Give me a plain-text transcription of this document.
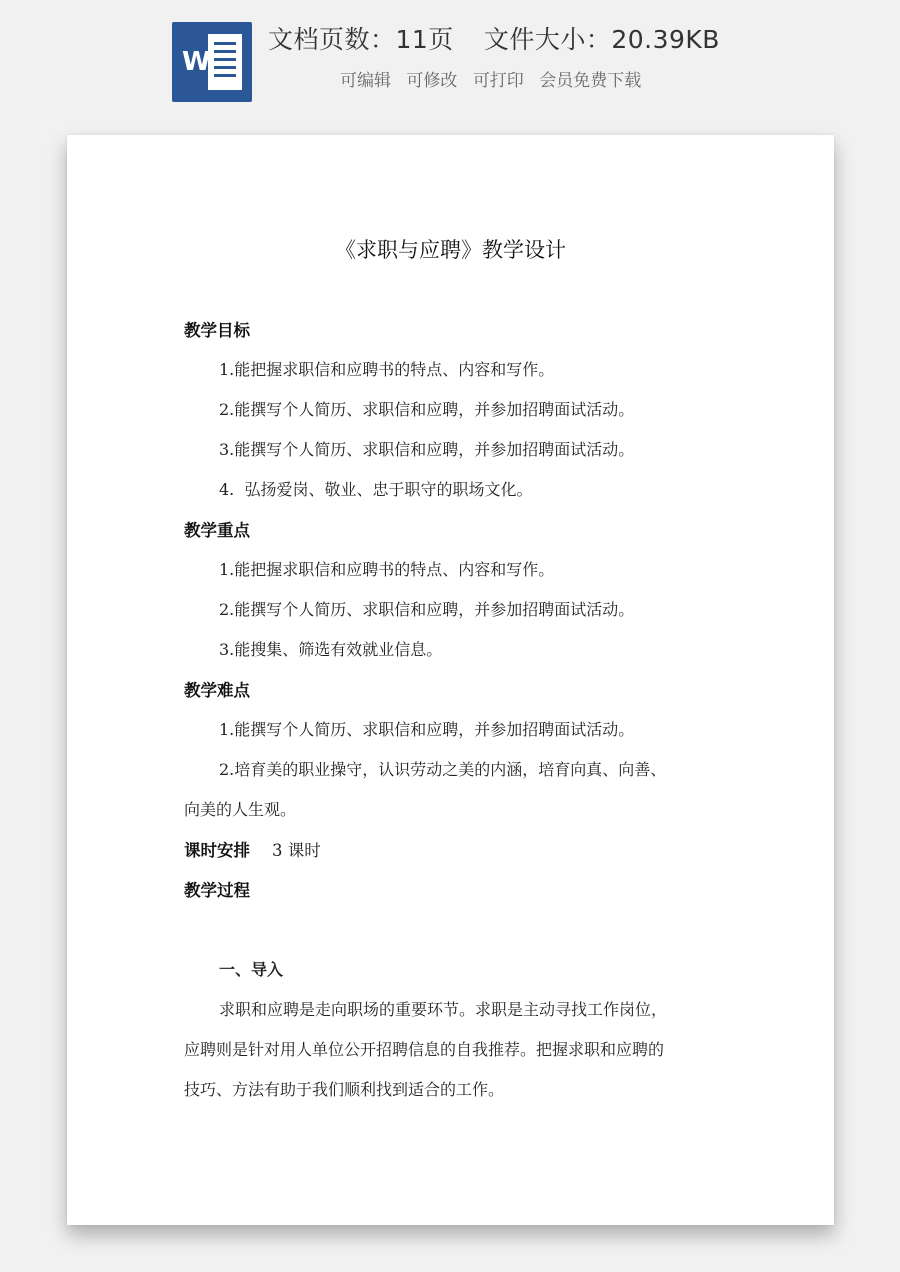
W
文档页数：11页 文件大小：20.39KB
可编辑 可修改 可打印 会员免费下载
《求职与应聘》教学设计
教学目标
1.能把握求职信和应聘书的特点、内容和写作。
2.能撰写个人简历、求职信和应聘，并参加招聘面试活动。
3.能撰写个人简历、求职信和应聘，并参加招聘面试活动。
4.  弘扬爱岗、敬业、忠于职守的职场文化。
教学重点
1.能把握求职信和应聘书的特点、内容和写作。
2.能撰写个人简历、求职信和应聘，并参加招聘面试活动。
3.能搜集、筛选有效就业信息。
教学难点
1.能撰写个人简历、求职信和应聘，并参加招聘面试活动。
2.培育美的职业操守，认识劳动之美的内涵，培育向真、向善、
向美的人生观。
课时安排 3 课时
教学过程
一、导入
求职和应聘是走向职场的重要环节。求职是主动寻找工作岗位，
应聘则是针对用人单位公开招聘信息的自我推荐。把握求职和应聘的
技巧、方法有助于我们顺利找到适合的工作。
